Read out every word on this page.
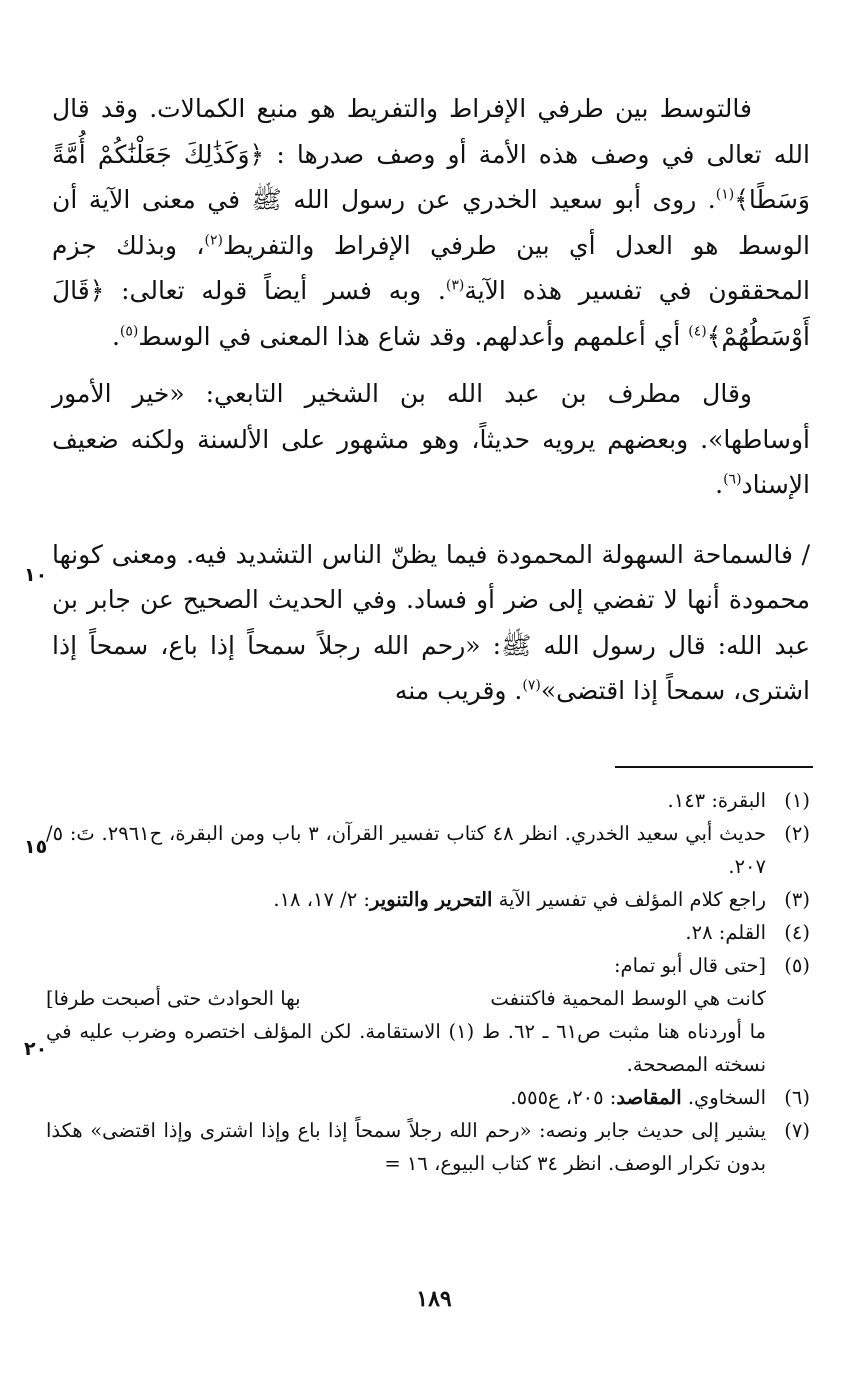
فالتوسط بين طرفي الإفراط والتفريط هو منبع الكمالات. وقد قال الله تعالى في وصف هذه الأمة أو وصف صدرها : ﴿وَكَذَٰلِكَ جَعَلْنَٰكُمْ أُمَّةً وَسَطًا﴾$^{(١)}$. روى أبو سعيد الخدري عن رسول الله ﷺ في معنى الآية أن الوسط هو العدل أي بين طرفي الإفراط والتفريط$^{(٢)}$، وبذلك جزم المحققون في تفسير هذه الآية$^{(٣)}$. وبه فسر أيضاً قوله تعالى: ﴿قَالَ أَوْسَطُهُمْ﴾$^{(٤)}$ أي أعلمهم وأعدلهم. وقد شاع هذا المعنى في الوسط$^{(٥)}$.

وقال مطرف بن عبد الله بن الشخير التابعي: «خير الأمور أوساطها». وبعضهم يرويه حديثاً، وهو مشهور على الألسنة ولكنه ضعيف الإسناد$^{(٦)}$.

/ فالسماحة السهولة المحمودة فيما يظنّ الناس التشديد فيه. ومعنى كونها محمودة أنها لا تفضي إلى ضر أو فساد. وفي الحديث الصحيح عن جابر بن عبد الله: قال رسول الله ﷺ: «رحم الله رجلاً سمحاً إذا باع، سمحاً إذا اشترى، سمحاً إذا اقتضى»$^{(٧)}$. وقريب منه

١٠
١٥
٢٠
(١)البقرة: ١٤٣.
(٢)حديث أبي سعيد الخدري. انظر ٤٨ كتاب تفسير القرآن، ٣ باب ومن البقرة، ح٢٩٦١. تَ: ٥/ ٢٠٧.
(٣)راجع كلام المؤلف في تفسير الآية التحرير والتنوير: ٢/ ١٧، ١٨.
(٤)القلم: ٢٨.
(٥)[حتى قال أبو تمام:
كانت هي الوسط المحمية فاكتنفت
بها الحوادث حتى أصبحت طرفا]
ما أوردناه هنا مثبت ص٦١ ـ ٦٢. ط (١) الاستقامة. لكن المؤلف اختصره وضرب عليه في نسخته المصححة.
(٦)السخاوي. المقاصد: ٢٠٥، ع٥٥٥.
(٧)يشير إلى حديث جابر ونصه: «رحم الله رجلاً سمحاً إذا باع وإذا اشترى وإذا اقتضى» هكذا بدون تكرار الوصف. انظر ٣٤ كتاب البيوع، ١٦ =
١٨٩
